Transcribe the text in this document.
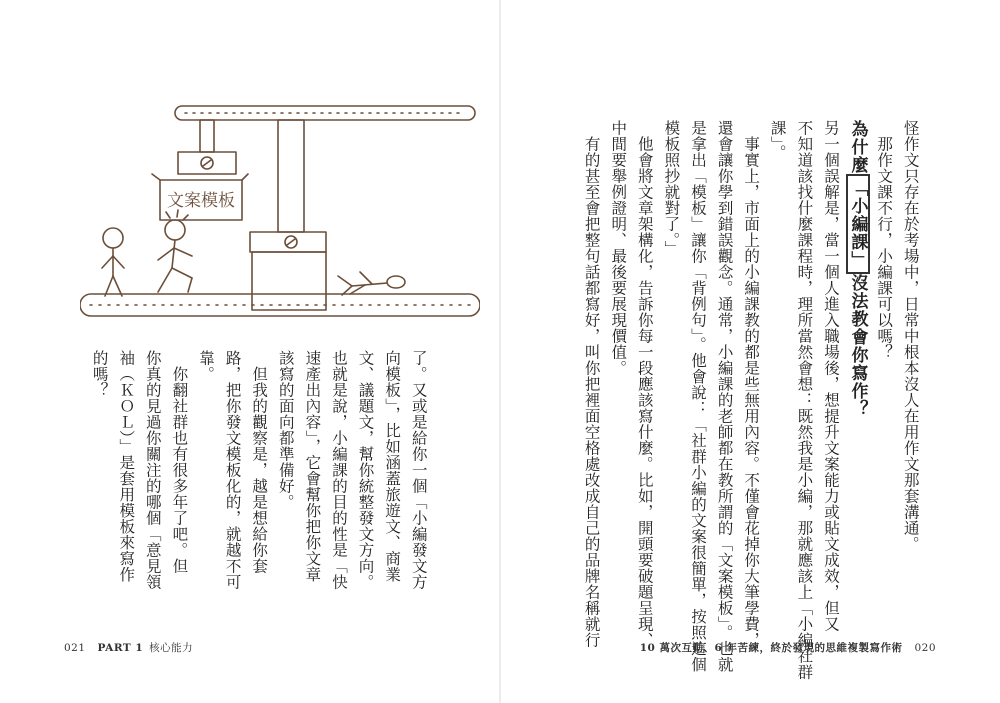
怪作文只存在於考場中，日常中根本沒人在用作文那套溝通。

　那作文課不行，小編課可以嗎？

為什麼「小編課」沒法教會你寫作？

另一個誤解是，當一個人進入職場後，想提升文案能力或貼文成效，但又

不知道該找什麼課程時，理所當然會想：既然我是小編，那就應該上「小編社群

課」。

　事實上，市面上的小編課教的都是些無用內容。不僅會花掉你大筆學費，

還會讓你學到錯誤觀念。通常，小編課的老師都在教所謂的「文案模板」。也就

是拿出「模板」讓你「背例句」。他會說：「社群小編的文案很簡單，按照這個

模板照抄就對了。」

　他會將文章架構化，告訴你每一段應該寫什麼。比如，開頭要破題呈現、

中間要舉例證明、最後要展現價值。

　有的甚至會把整句話都寫好，叫你把裡面空格處改成自己的品牌名稱就行

文案模板

了。又或是給你一個「小編發文方

向模板」，比如涵蓋旅遊文、商業

文、議題文，幫你統整發文方向。

也就是說，小編課的目的性是「快

速產出內容」，它會幫你把你文章

該寫的面向都準備好。

　但我的觀察是，越是想給你套

路，把你發文模板化的，就越不可

靠。

　你翻社群也有很多年了吧。但

你真的見過你關注的哪個「意見領

袖（ＫＯＬ）」是套用模板來寫作

的嗎？

021 PART 1 核心能力	10 萬次互動、6 年苦練，終於發現的思維複製寫作術 020
